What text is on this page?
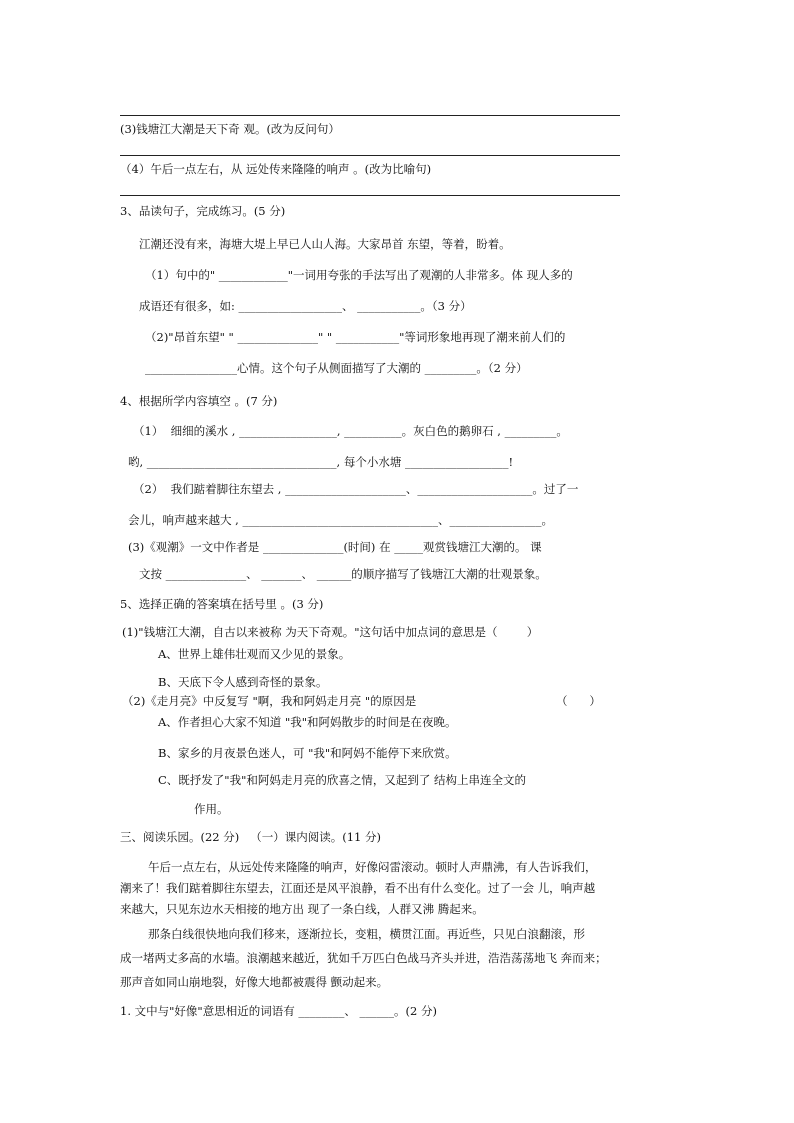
(3)钱塘江大潮是天下奇 观。(改为反问句）
（4）午后一点左右，从 远处传来隆隆的响声 。(改为比喻句)
3、品读句子，完成练习。(5 分)
江潮还没有来，海塘大堤上早已人山人海。大家昂首 东望，等着，盼着。
（1）句中的" ____________"一词用夸张的手法写出了观潮的人非常多。体 现人多的
成语还有很多，如: __________________、 ___________。（3 分）
（2)"昂首东望" " ______________" " ___________"等词形象地再现了潮来前人们的
________________心情。这个句子从侧面描写了大潮的 _________。（2 分）
4、根据所学内容填空 。(7 分)
（1）  细细的溪水 , _________________, __________。灰白色的鹅卵石 , _________。
哟, _________________________________, 每个小水塘 __________________!
（2）  我们踮着脚往东望去 , _____________________、____________________。过了一
会儿，响声越来越大 , __________________________________、________________。
(3)《观潮》一文中作者是 ______________(时间) 在 _____观赏钱塘江大潮的。 课
文按 ______________、 _______、 ______的顺序描写了钱塘江大潮的壮观景象。
5、选择正确的答案填在括号里 。(3 分)
(1)"钱塘江大潮，自古以来被称 为天下奇观。"这句话中加点词的意思是（        ）
A、世界上雄伟壮观而又少见的景象。
B、天底下令人感到奇怪的景象。
（2)《走月亮》中反复写 "啊，我和阿妈走月亮 "的原因是	（      ）
A、作者担心大家不知道 "我"和阿妈散步的时间是在夜晚。
B、家乡的月夜景色迷人，可 "我"和阿妈不能停下来欣赏。
C、既抒发了"我"和阿妈走月亮的欣喜之情，又起到了 结构上串连全文的
作用。
三、阅读乐园。(22 分)   （一）课内阅读。(11 分)
午后一点左右，从远处传来隆隆的响声，好像闷雷滚动。顿时人声鼎沸，有人告诉我们，
潮来了！我们踮着脚往东望去，江面还是风平浪静，看不出有什么变化。过了一会 儿，响声越
来越大，只见东边水天相接的地方出 现了一条白线，人群又沸 腾起来。
那条白线很快地向我们移来，逐渐拉长，变粗，横贯江面。再近些，只见白浪翻滚，形
成一堵两丈多高的水墙。浪潮越来越近，犹如千万匹白色战马齐头并进，浩浩荡荡地飞 奔而来；
那声音如同山崩地裂，好像大地都被震得 颤动起来。
1. 文中与"好像"意思相近的词语有 ________、 ______。(2 分)
